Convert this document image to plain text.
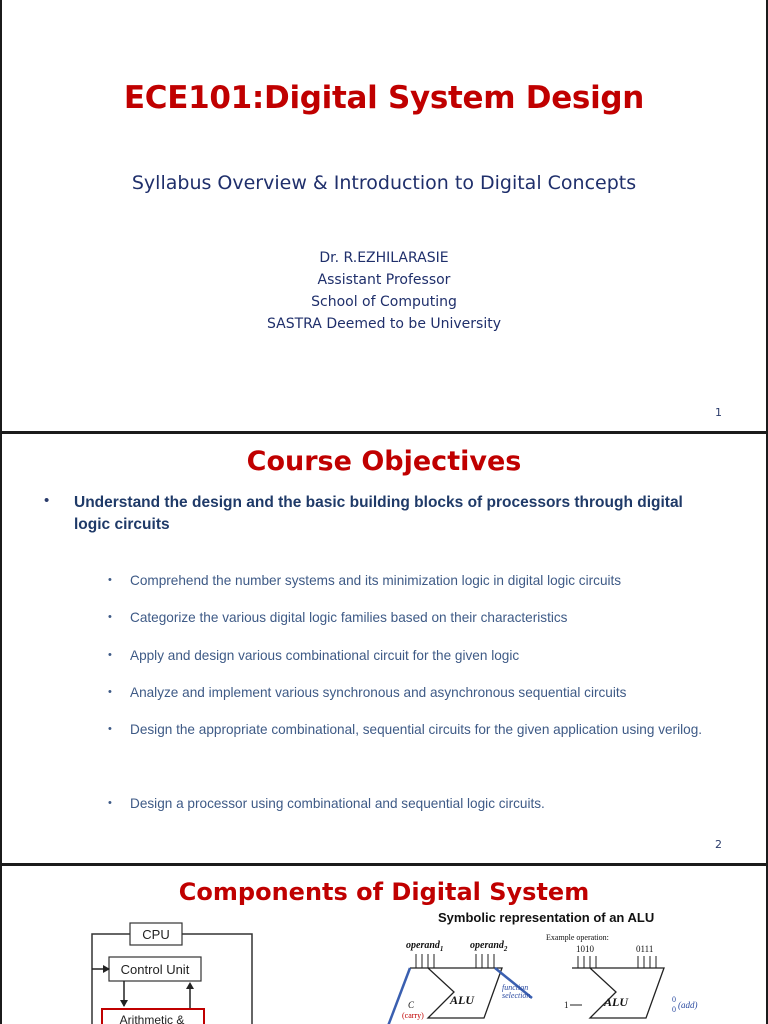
ECE101:Digital System Design
Syllabus Overview & Introduction to Digital Concepts
Dr. R.EZHILARASIE
Assistant Professor
School of Computing
SASTRA Deemed to be University
1
Course Objectives
• Understand the design and the basic building blocks of processors through digital logic circuits
• Comprehend the number systems and its minimization logic in digital logic circuits
• Categorize the various digital logic families based on their characteristics
• Apply and design various combinational circuit for the given logic
• Analyze and implement various synchronous and asynchronous sequential circuits
• Design the appropriate combinational, sequential circuits for the given application using verilog.
• Design a processor using combinational and sequential logic circuits.
2
Components of Digital System
CPU
Control Unit
Arithmetic &
Symbolic representation of an ALU
operand$_1$	operand$_2$
ALU
C
(carry)
function
selection
Example operation:
1010	0111
ALU
1
0
0 (add)
